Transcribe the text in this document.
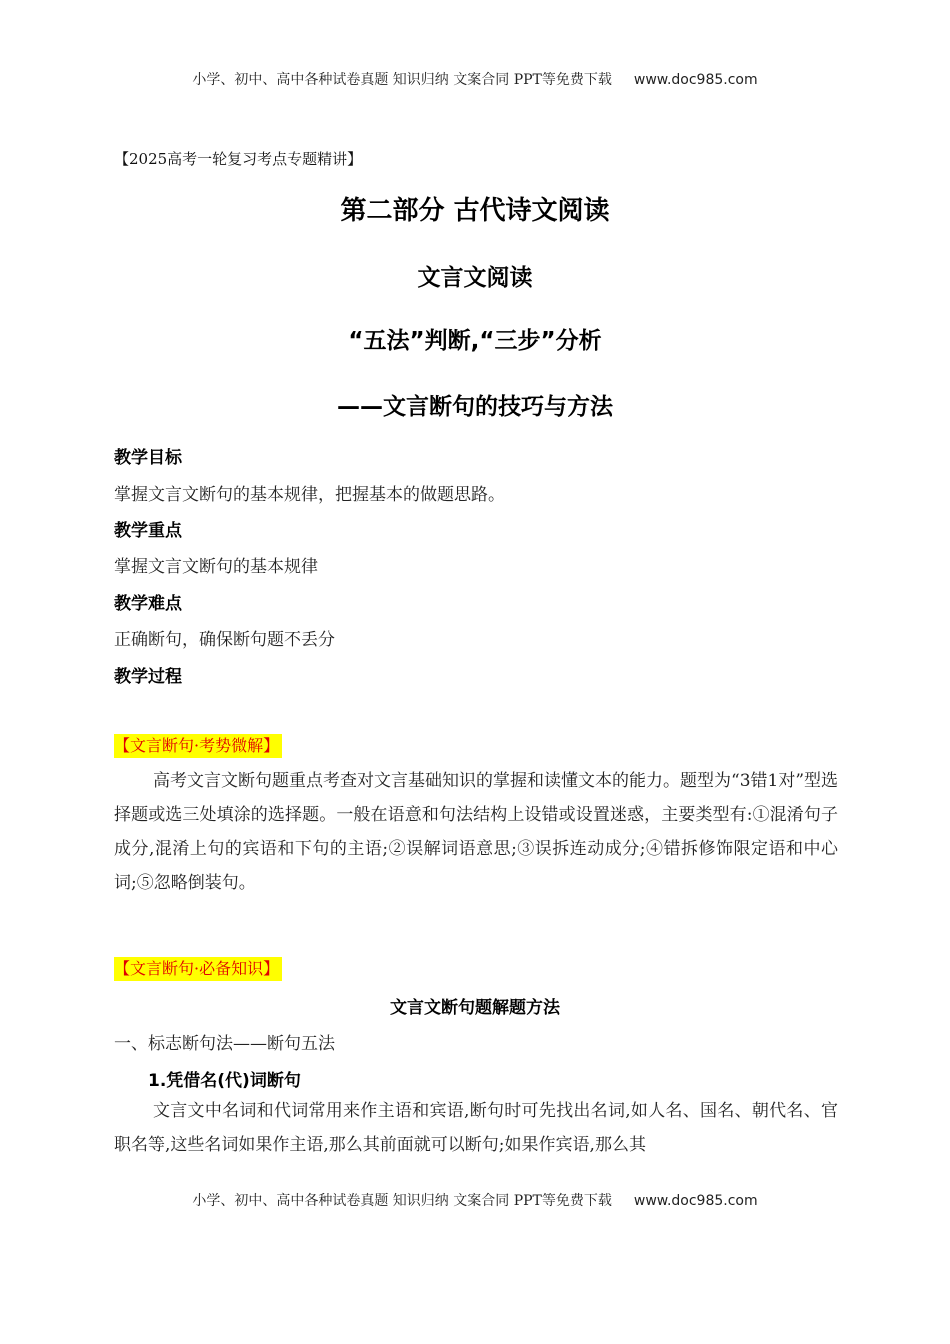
小学、初中、高中各种试卷真题 知识归纳 文案合同 PPT等免费下载 www.doc985.com
【2025高考一轮复习考点专题精讲】
第二部分 古代诗文阅读
文言文阅读
“五法”判断,“三步”分析
——文言断句的技巧与方法
教学目标
掌握文言文断句的基本规律，把握基本的做题思路。
教学重点
掌握文言文断句的基本规律
教学难点
正确断句，确保断句题不丢分
教学过程
【文言断句·考势微解】
高考文言文断句题重点考查对文言基础知识的掌握和读懂文本的能力。题型为“3错1对”型选择题或选三处填涂的选择题。一般在语意和句法结构上设错或设置迷惑，主要类型有:①混淆句子成分,混淆上句的宾语和下句的主语;②误解词语意思;③误拆连动成分;④错拆修饰限定语和中心词;⑤忽略倒装句。
【文言断句·必备知识】
文言文断句题解题方法
一、标志断句法——断句五法
1.凭借名(代)词断句
文言文中名词和代词常用来作主语和宾语,断句时可先找出名词,如人名、国名、朝代名、官职名等,这些名词如果作主语,那么其前面就可以断句;如果作宾语,那么其
小学、初中、高中各种试卷真题 知识归纳 文案合同 PPT等免费下载 www.doc985.com
